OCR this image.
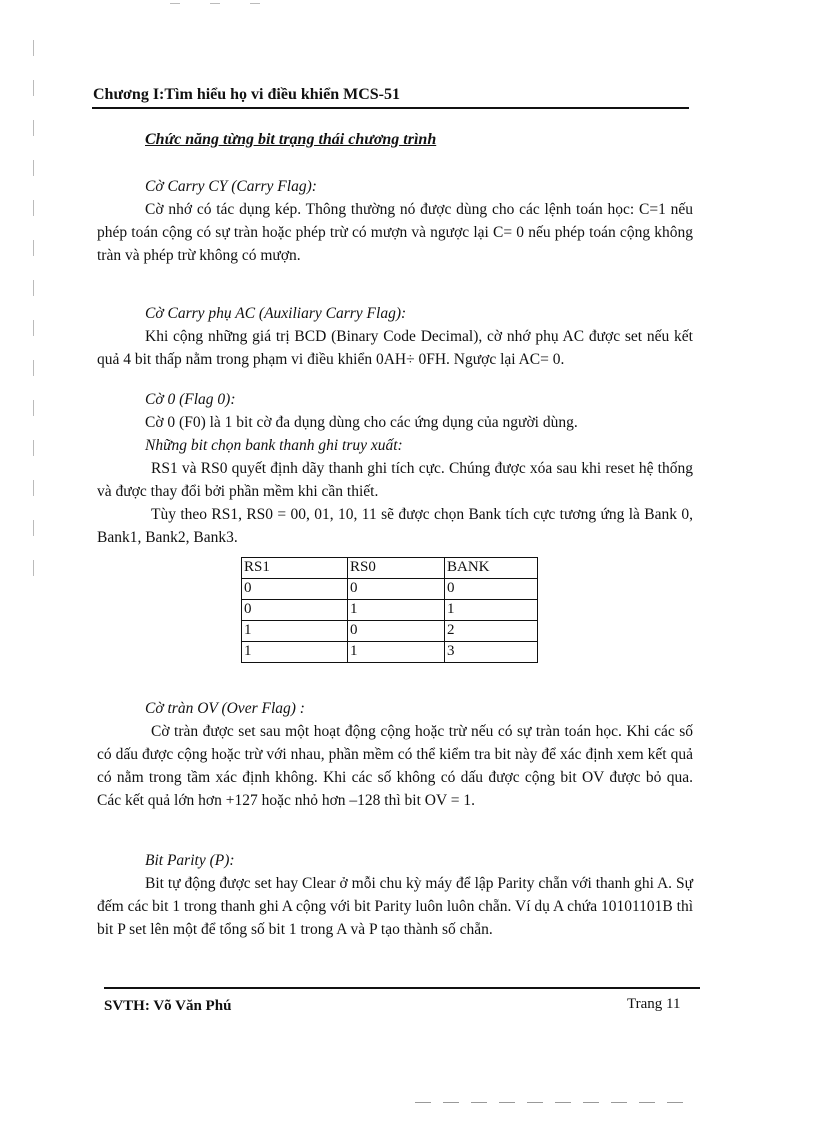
Chương I:Tìm hiểu họ vi điều khiển MCS-51
Chức năng từng bit trạng thái chương trình
Cờ Carry CY (Carry Flag):
Cờ nhớ có tác dụng kép. Thông thường nó được dùng cho các lệnh toán học: C=1 nếu phép toán cộng có sự tràn hoặc phép trừ có mượn và ngược lại C= 0 nếu phép toán cộng không tràn và phép trừ không có mượn.
Cờ Carry phụ AC (Auxiliary Carry Flag):
Khi cộng những giá trị BCD (Binary Code Decimal), cờ nhớ phụ AC được set nếu kết quả 4 bit thấp nằm trong phạm vi điều khiển 0AH÷ 0FH. Ngược lại AC= 0.
Cờ 0 (Flag 0):
Cờ 0 (F0) là 1 bit cờ đa dụng dùng cho các ứng dụng của người dùng.
Những bit chọn bank thanh ghi truy xuất:
RS1 và RS0 quyết định dãy thanh ghi tích cực. Chúng được xóa sau khi reset hệ thống và được thay đổi bởi phần mềm khi cần thiết.
Tùy theo RS1, RS0 = 00, 01, 10, 11 sẽ được chọn Bank tích cực tương ứng là Bank 0, Bank1, Bank2, Bank3.
RS1	RS0	BANK
0	0	0
0	1	1
1	0	2
1	1	3
Cờ tràn OV (Over Flag) :
Cờ tràn được set sau một hoạt động cộng hoặc trừ nếu có sự tràn toán học. Khi các số có dấu được cộng hoặc trừ với nhau, phần mềm có thể kiểm tra bit này để xác định xem kết quả có nằm trong tầm xác định không. Khi các số không có dấu được cộng bit OV được bỏ qua. Các kết quả lớn hơn +127 hoặc nhỏ hơn –128 thì bit OV = 1.
Bit Parity (P):
Bit tự động được set hay Clear ở mỗi chu kỳ máy để lập Parity chẵn với thanh ghi A. Sự đếm các bit 1 trong thanh ghi A cộng với bit Parity luôn luôn chẵn. Ví dụ A chứa 10101101B thì bit P set lên một để tổng số bit 1 trong A và P tạo thành số chẵn.
SVTH: Võ Văn Phú	Trang 11
